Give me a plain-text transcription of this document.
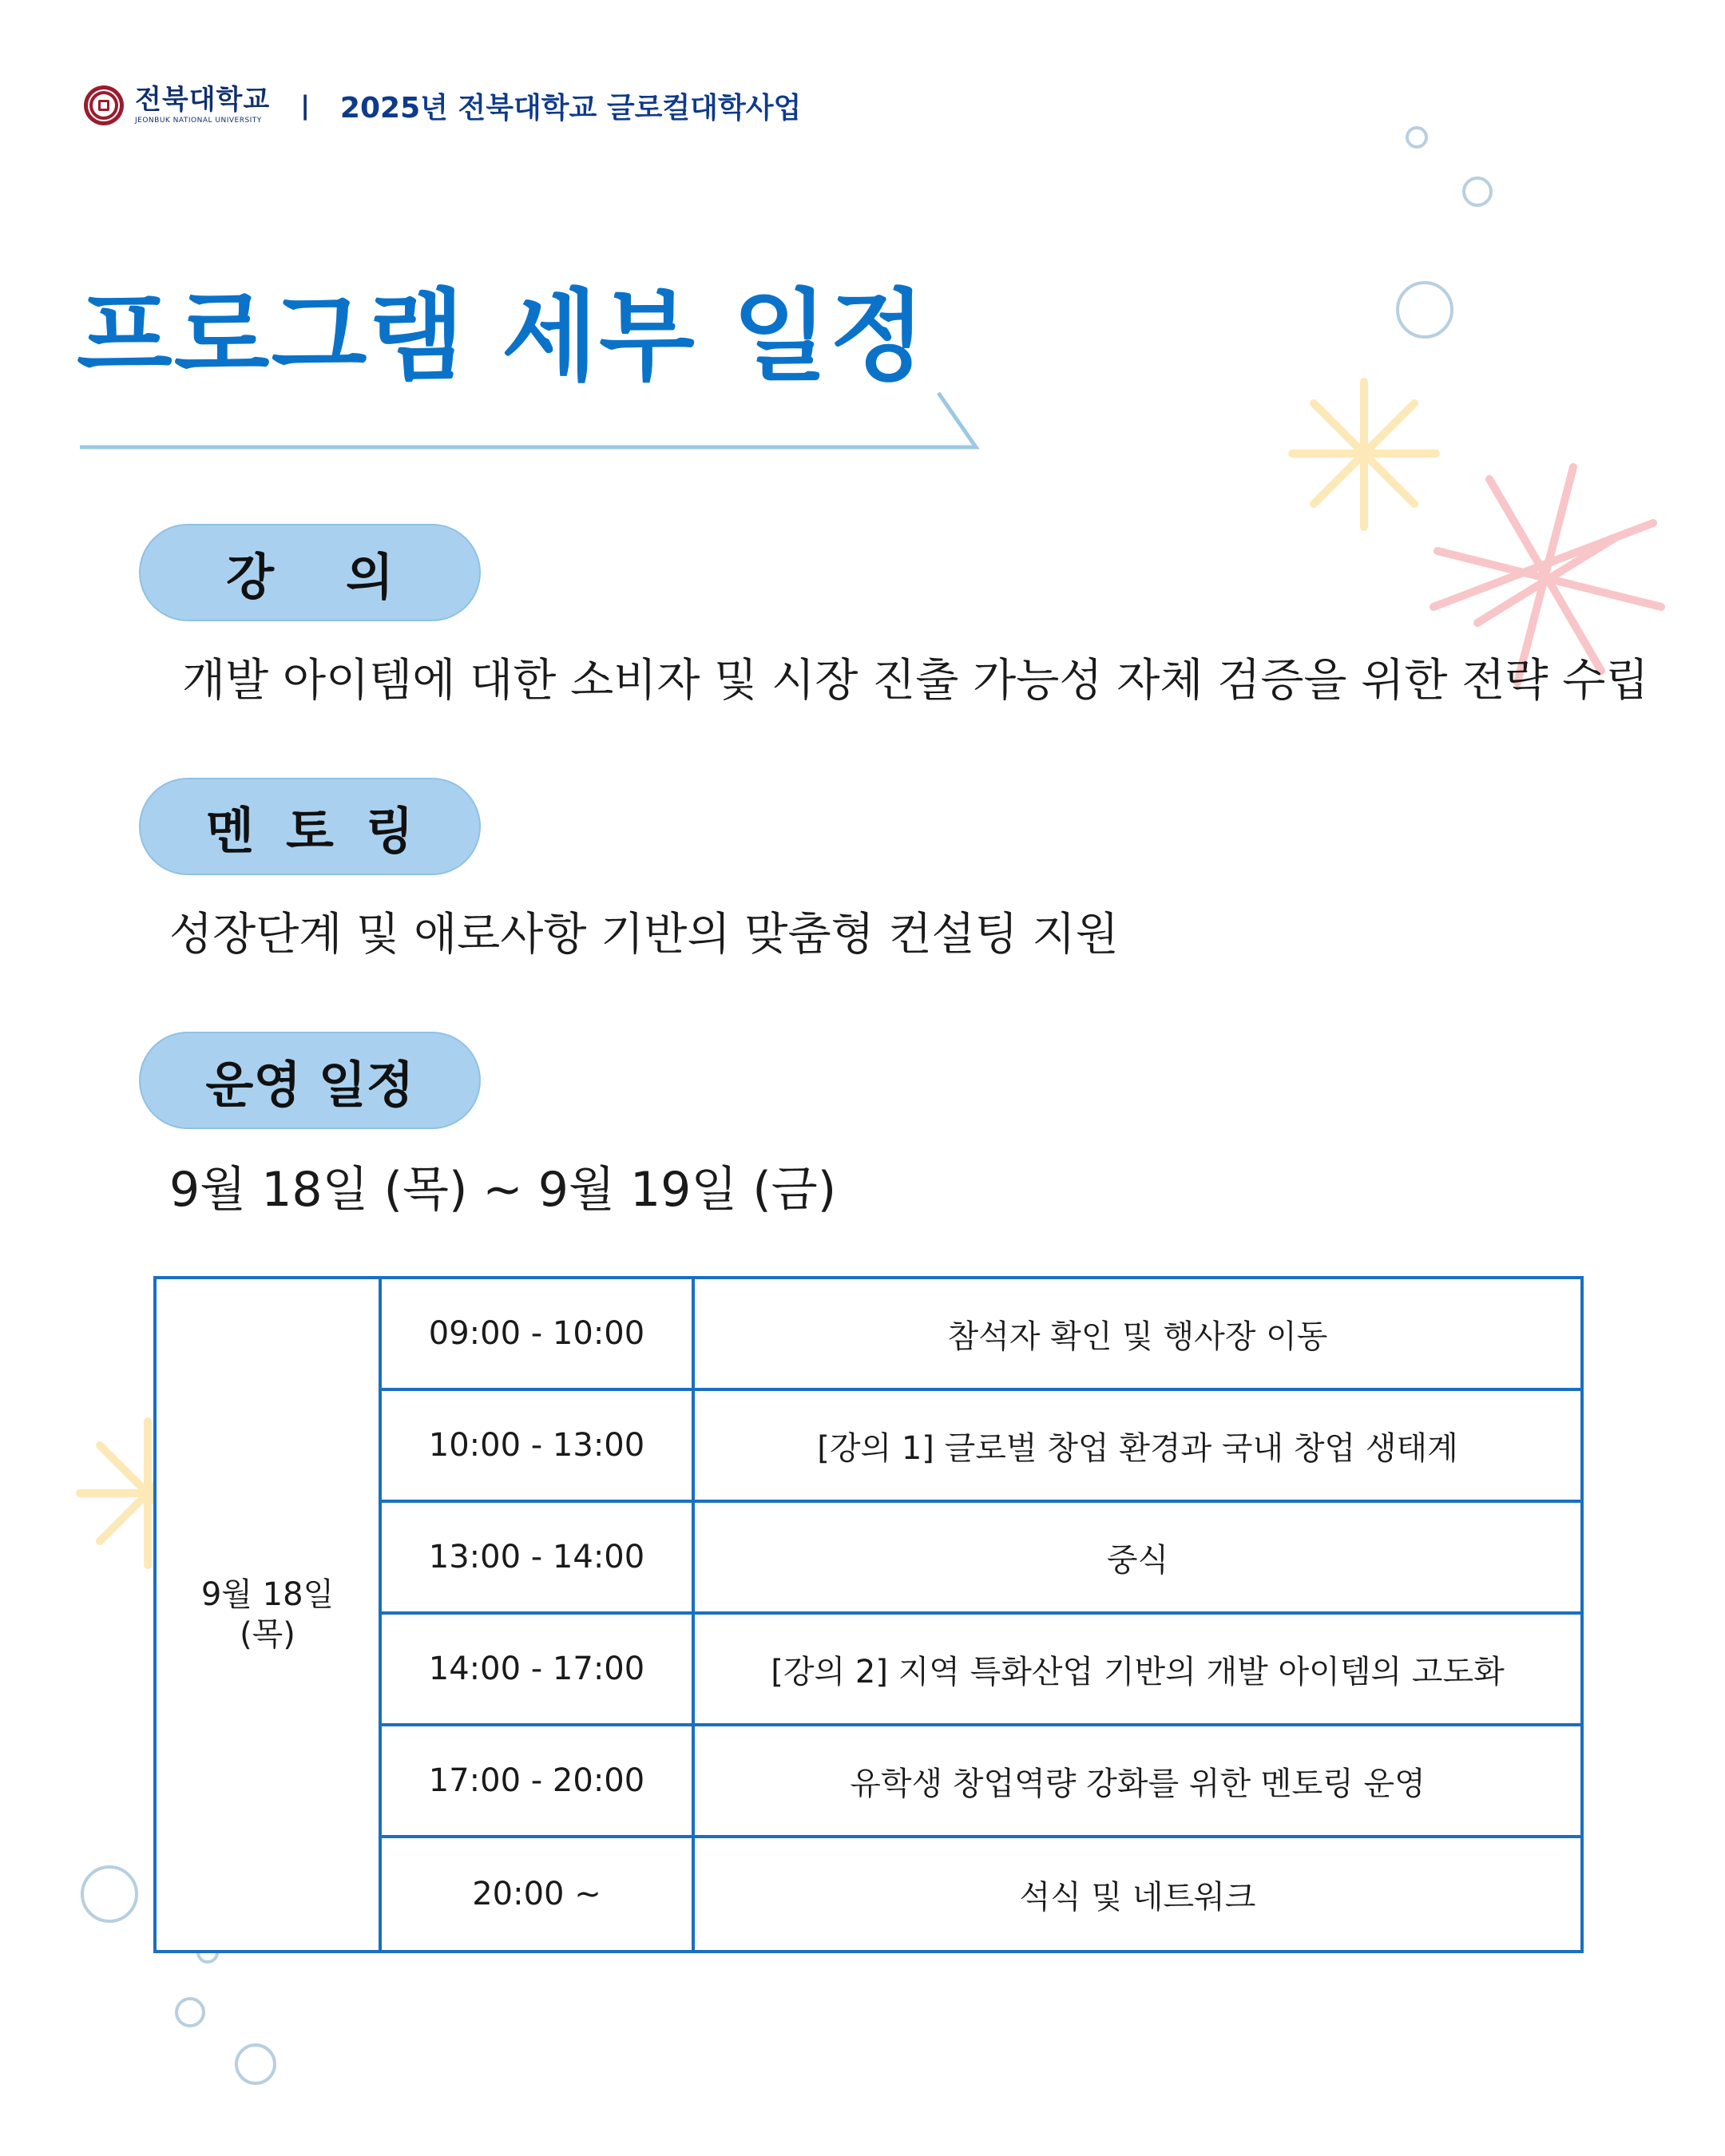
전북대학교
JEONBUK NATIONAL UNIVERSITY	| 2025년 전북대학교 글로컬대학사업
프로그램 세부 일정
강의
개발 아이템에 대한 소비자 및 시장 진출 가능성 자체 검증을 위한 전략 수립
멘토링
성장단계 및 애로사항 기반의 맞춤형 컨설팅 지원
운영 일정
9월 18일 (목) ~ 9월 19일 (금)
9월 18일
(목)
09:00 - 10:00	참석자 확인 및 행사장 이동
10:00 - 13:00	[강의 1] 글로벌 창업 환경과 국내 창업 생태계
13:00 - 14:00	중식
14:00 - 17:00	[강의 2] 지역 특화산업 기반의 개발 아이템의 고도화
17:00 - 20:00	유학생 창업역량 강화를 위한 멘토링 운영
20:00 ~	석식 및 네트워크
